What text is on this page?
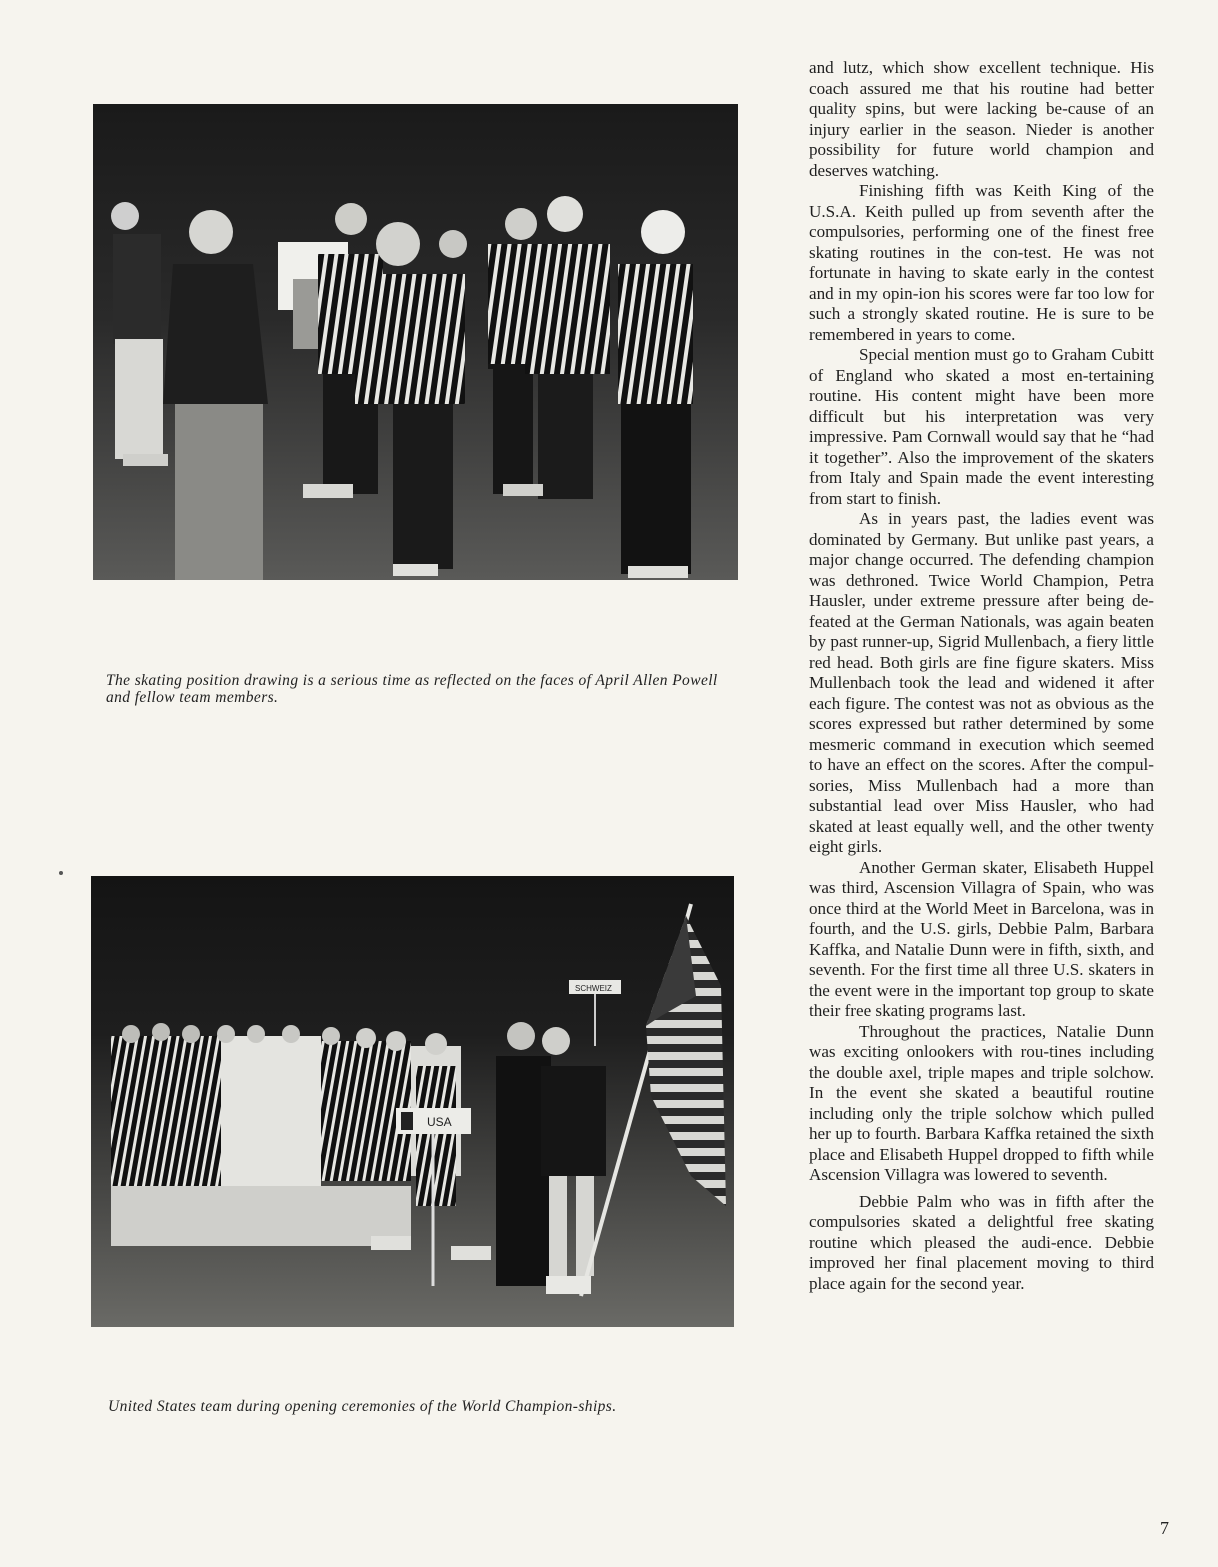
The skating position drawing is a serious time as reflected on the faces of April Allen Powell and fellow team members.

USA
SCHWEIZ

United States team during opening ceremonies of the World Champion-ships.

and lutz, which show excellent technique. His coach assured me that his routine had better quality spins, but were lacking be-cause of an injury earlier in the season. Nieder is another possibility for future world champion and deserves watching.

Finishing fifth was Keith King of the U.S.A. Keith pulled up from seventh after the compulsories, performing one of the finest free skating routines in the con-test. He was not fortunate in having to skate early in the contest and in my opin-ion his scores were far too low for such a strongly skated routine. He is sure to be remembered in years to come.

Special mention must go to Graham Cubitt of England who skated a most en-tertaining routine. His content might have been more difficult but his interpretation was very impressive. Pam Cornwall would say that he “had it together”. Also the improvement of the skaters from Italy and Spain made the event interesting from start to finish.

As in years past, the ladies event was dominated by Germany. But unlike past years, a major change occurred. The defending champion was dethroned. Twice World Champion, Petra Hausler, under extreme pressure after being de-feated at the German Nationals, was again beaten by past runner-up, Sigrid Mullenbach, a fiery little red head. Both girls are fine figure skaters. Miss Mullenbach took the lead and widened it after each figure. The contest was not as obvious as the scores expressed but rather determined by some mesmeric command in execution which seemed to have an effect on the scores. After the compul-sories, Miss Mullenbach had a more than substantial lead over Miss Hausler, who had skated at least equally well, and the other twenty eight girls.

Another German skater, Elisabeth Huppel was third, Ascension Villagra of Spain, who was once third at the World Meet in Barcelona, was in fourth, and the U.S. girls, Debbie Palm, Barbara Kaffka, and Natalie Dunn were in fifth, sixth, and seventh. For the first time all three U.S. skaters in the event were in the important top group to skate their free skating programs last.

Throughout the practices, Natalie Dunn was exciting onlookers with rou-tines including the double axel, triple mapes and triple solchow. In the event she skated a beautiful routine including only the triple solchow which pulled her up to fourth. Barbara Kaffka retained the sixth place and Elisabeth Huppel dropped to fifth while Ascension Villagra was lowered to seventh.

Debbie Palm who was in fifth after the compulsories skated a delightful free skating routine which pleased the audi-ence. Debbie improved her final placement moving to third place again for the second year.

7
